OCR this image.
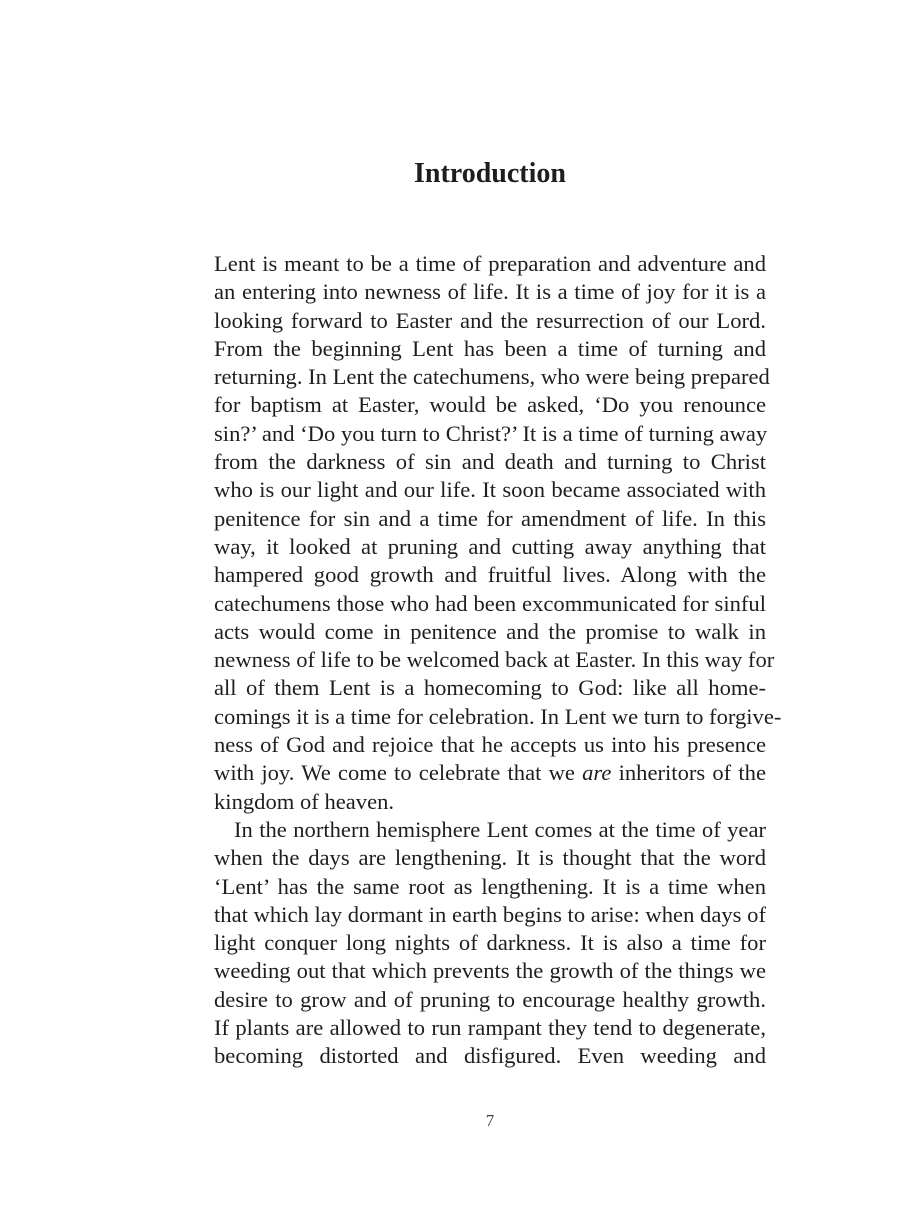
Introduction
Lent is meant to be a time of preparation and adventure and
an entering into newness of life. It is a time of joy for it is a
looking forward to Easter and the resurrection of our Lord.
From the beginning Lent has been a time of turning and
returning. In Lent the catechumens, who were being prepared
for baptism at Easter, would be asked, ‘Do you renounce
sin?’ and ‘Do you turn to Christ?’ It is a time of turning away
from the darkness of sin and death and turning to Christ
who is our light and our life. It soon became associated with
penitence for sin and a time for amendment of life. In this
way, it looked at pruning and cutting away anything that
hampered good growth and fruitful lives. Along with the
catechumens those who had been excommunicated for sinful
acts would come in penitence and the promise to walk in
newness of life to be welcomed back at Easter. In this way for
all of them Lent is a homecoming to God: like all home-
comings it is a time for celebration. In Lent we turn to forgive-
ness of God and rejoice that he accepts us into his presence
with joy. We come to celebrate that we are inheritors of the
kingdom of heaven.
In the northern hemisphere Lent comes at the time of year
when the days are lengthening. It is thought that the word
‘Lent’ has the same root as lengthening. It is a time when
that which lay dormant in earth begins to arise: when days of
light conquer long nights of darkness. It is also a time for
weeding out that which prevents the growth of the things we
desire to grow and of pruning to encourage healthy growth.
If plants are allowed to run rampant they tend to degenerate,
becoming distorted and disfigured. Even weeding and
7
